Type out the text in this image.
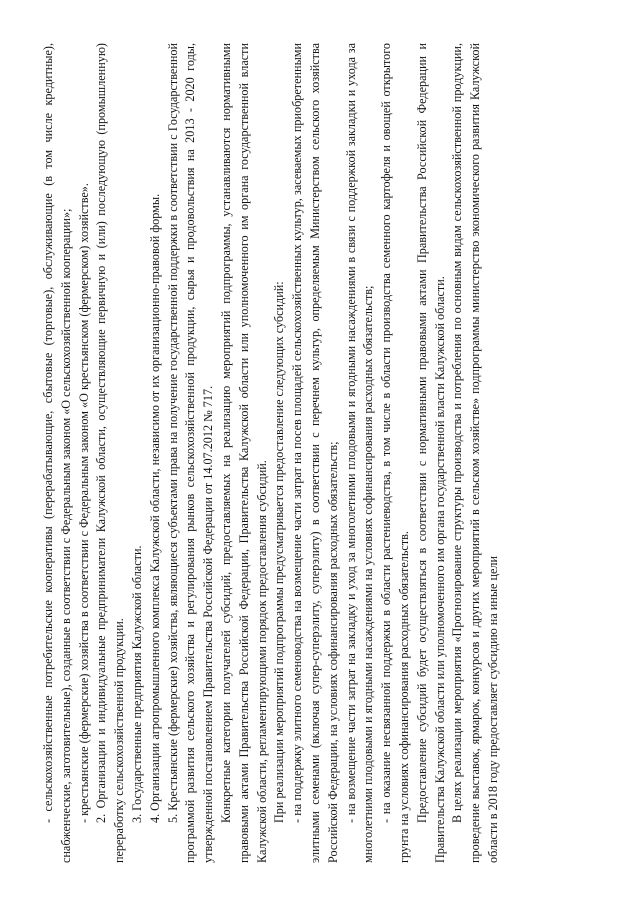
- сельскохозяйственные потребительские кооперативы (перерабатывающие, сбытовые (торговые), обслуживающие (в том числе кредитные), снабженческие, заготовительные), созданные в соответствии с Федеральным законом «О сельскохозяйственной кооперации»; - крестьянские (фермерские) хозяйства в соответствии с Федеральным законом «О крестьянском (фермерском) хозяйстве». 2. Организации и индивидуальные предприниматели Калужской области, осуществляющие первичную и (или) последующую (промышленную) переработку сельскохозяйственной продукции. 3. Государственные предприятия Калужской области. 4. Организации агропромышленного комплекса Калужской области, независимо от их организационно-правовой формы. 5. Крестьянские (фермерские) хозяйства, являющиеся субъектами права на получение государственной поддержки в соответствии с Государственной программой развития сельского хозяйства и регулирования рынков сельскохозяйственной продукции, сырья и продовольствия на 2013 - 2020 годы, утвержденной постановлением Правительства Российской Федерации от 14.07.2012 № 717. Конкретные категории получателей субсидий, предоставляемых на реализацию мероприятий подпрограммы, устанавливаются нормативными правовыми актами Правительства Российской Федерации, Правительства Калужской области или уполномоченного им органа государственной власти Калужской области, регламентирующими порядок предоставления субсидий. При реализации мероприятий подпрограммы предусматривается предоставление следующих субсидий: - на поддержку элитного семеноводства на возмещение части затрат на посев площадей сельскохозяйственных культур, засеваемых приобретенными элитными семенами (включая супер-суперэлиту, суперэлиту) в соответствии с перечнем культур, определяемым Министерством сельского хозяйства Российской Федерации, на условиях софинансирования расходных обязательств; - на возмещение части затрат на закладку и уход за многолетними плодовыми и ягодными насаждениями в связи с поддержкой закладки и ухода за многолетними плодовыми и ягодными насаждениями на условиях софинансирования расходных обязательств; - на оказание несвязанной поддержки в области растениеводства, в том числе в области производства семенного картофеля и овощей открытого грунта на условиях софинансирования расходных обязательств. Предоставление субсидий будет осуществляться в соответствии с нормативными правовыми актами Правительства Российской Федерации и Правительства Калужской области или уполномоченного им органа государственной власти Калужской области. В целях реализации мероприятия «Прогнозирование структуры производства и потребления по основным видам сельскохозяйственной продукции, проведение выставок, ярмарок, конкурсов и других мероприятий в сельском хозяйстве» подпрограммы министерство экономического развития Калужской области в 2018 году предоставляет субсидию на иные цели
